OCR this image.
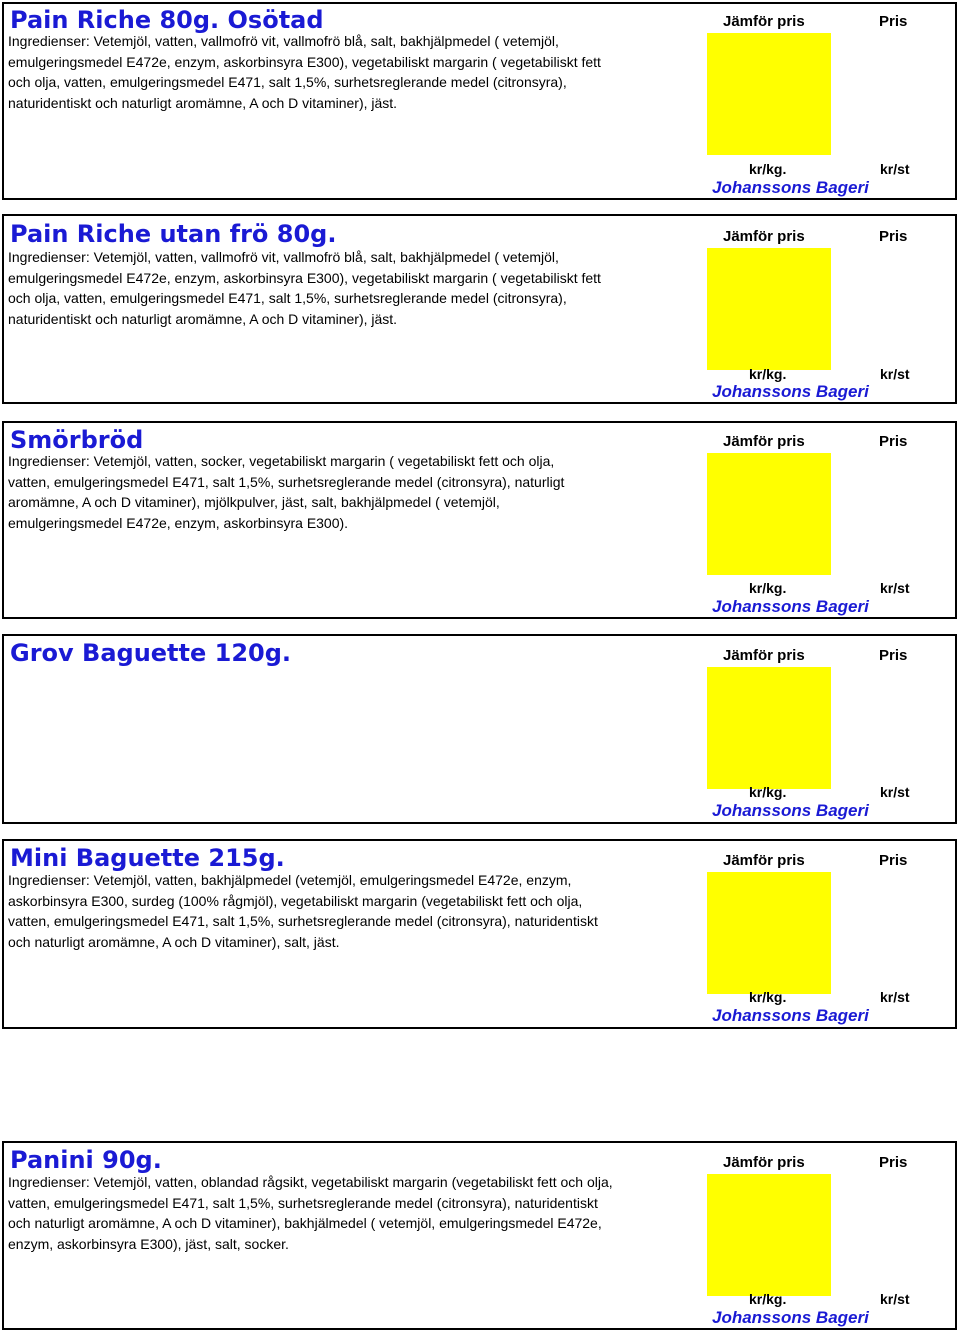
Pain Riche 80g. Osötad
Ingredienser: Vetemjöl, vatten, vallmofrö vit, vallmofrö blå, salt, bakhjälpmedel ( vetemjöl,
emulgeringsmedel E472e, enzym, askorbinsyra E300), vegetabiliskt margarin ( vegetabiliskt fett
och olja, vatten, emulgeringsmedel E471, salt 1,5%, surhetsreglerande medel (citronsyra),
naturidentiskt och naturligt aromämne, A och D vitaminer), jäst.
Jämför pris	Pris
kr/kg.	kr/st
Johanssons Bageri
Pain Riche utan frö 80g.
Ingredienser: Vetemjöl, vatten, vallmofrö vit, vallmofrö blå, salt, bakhjälpmedel ( vetemjöl,
emulgeringsmedel E472e, enzym, askorbinsyra E300), vegetabiliskt margarin ( vegetabiliskt fett
och olja, vatten, emulgeringsmedel E471, salt 1,5%, surhetsreglerande medel (citronsyra),
naturidentiskt och naturligt aromämne, A och D vitaminer), jäst.
Jämför pris	Pris
kr/kg.	kr/st
Johanssons Bageri
Smörbröd
Ingredienser: Vetemjöl, vatten, socker, vegetabiliskt margarin ( vegetabiliskt fett och olja,
vatten, emulgeringsmedel E471, salt 1,5%, surhetsreglerande medel (citronsyra), naturligt
aromämne, A och D vitaminer), mjölkpulver, jäst, salt, bakhjälpmedel ( vetemjöl,
emulgeringsmedel E472e, enzym, askorbinsyra E300).
Jämför pris	Pris
kr/kg.	kr/st
Johanssons Bageri
Grov Baguette 120g.	Jämför pris	Pris
kr/kg.	kr/st
Johanssons Bageri
Mini Baguette 215g.
Ingredienser: Vetemjöl, vatten, bakhjälpmedel (vetemjöl, emulgeringsmedel E472e, enzym,
askorbinsyra E300, surdeg (100% rågmjöl), vegetabiliskt margarin (vegetabiliskt fett och olja,
vatten, emulgeringsmedel E471, salt 1,5%, surhetsreglerande medel (citronsyra), naturidentiskt
och naturligt aromämne, A och D vitaminer), salt, jäst.
Jämför pris	Pris
kr/kg.	kr/st
Johanssons Bageri
Panini 90g.
Ingredienser: Vetemjöl, vatten, oblandad rågsikt, vegetabiliskt margarin (vegetabiliskt fett och olja,
vatten, emulgeringsmedel E471, salt 1,5%, surhetsreglerande medel (citronsyra), naturidentiskt
och naturligt aromämne, A och D vitaminer), bakhjälmedel ( vetemjöl, emulgeringsmedel E472e,
enzym, askorbinsyra E300), jäst, salt, socker.
Jämför pris	Pris
kr/kg.	kr/st
Johanssons Bageri
